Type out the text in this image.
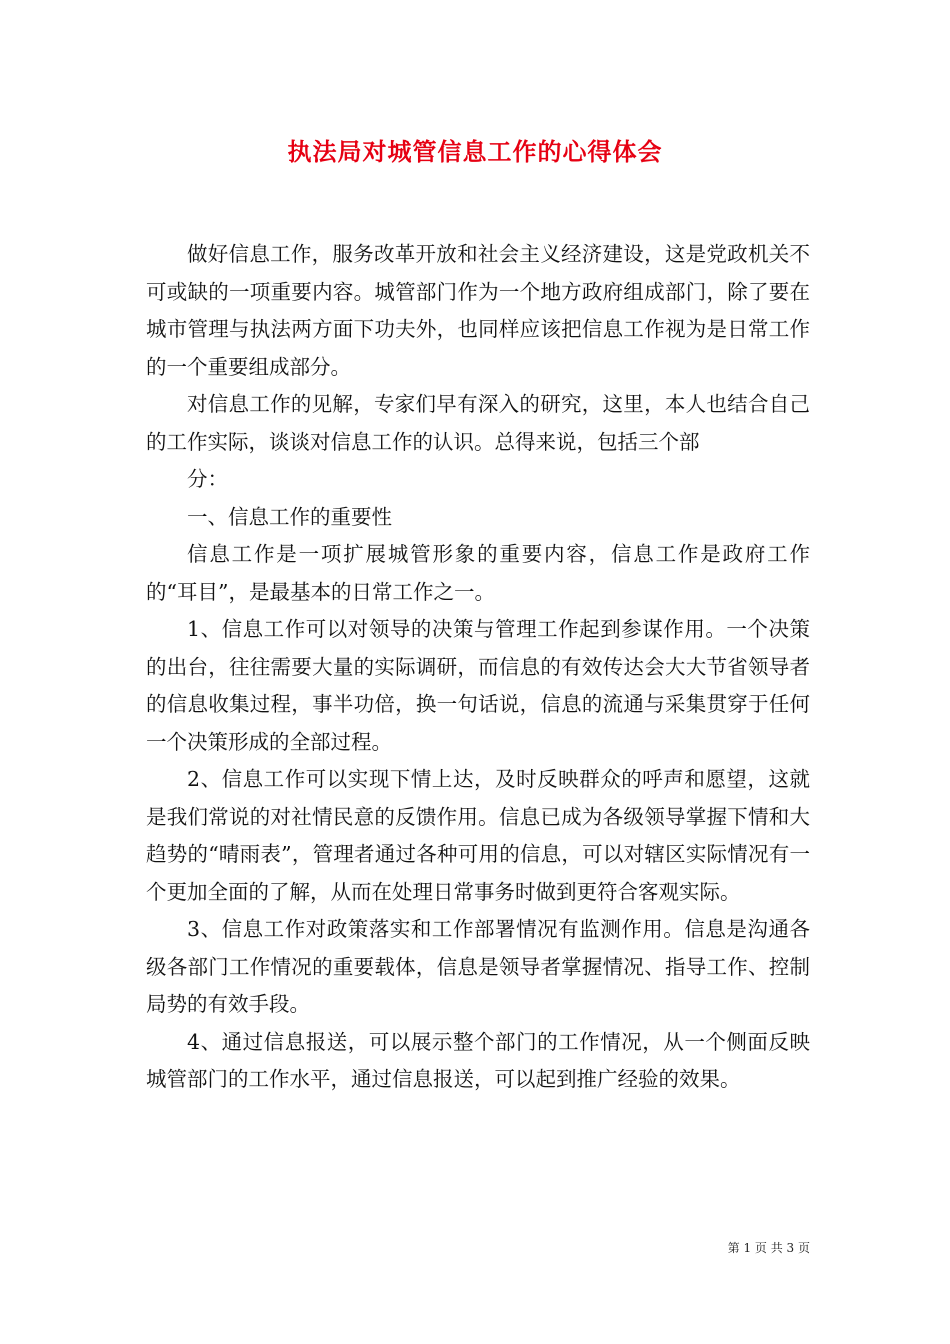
执法局对城管信息工作的心得体会

做好信息工作，服务改革开放和社会主义经济建设，这是党政机关不可或缺的一项重要内容。城管部门作为一个地方政府组成部门，除了要在城市管理与执法两方面下功夫外，也同样应该把信息工作视为是日常工作的一个重要组成部分。

对信息工作的见解，专家们早有深入的研究，这里，本人也结合自己的工作实际，谈谈对信息工作的认识。总得来说，包括三个部

分：

一、信息工作的重要性

信息工作是一项扩展城管形象的重要内容，信息工作是政府工作的“耳目”，是最基本的日常工作之一。

1、信息工作可以对领导的决策与管理工作起到参谋作用。一个决策的出台，往往需要大量的实际调研，而信息的有效传达会大大节省领导者的信息收集过程，事半功倍，换一句话说，信息的流通与采集贯穿于任何一个决策形成的全部过程。

2、信息工作可以实现下情上达，及时反映群众的呼声和愿望，这就是我们常说的对社情民意的反馈作用。信息已成为各级领导掌握下情和大趋势的“晴雨表”，管理者通过各种可用的信息，可以对辖区实际情况有一个更加全面的了解，从而在处理日常事务时做到更符合客观实际。

3、信息工作对政策落实和工作部署情况有监测作用。信息是沟通各级各部门工作情况的重要载体，信息是领导者掌握情况、指导工作、控制局势的有效手段。

4、通过信息报送，可以展示整个部门的工作情况，从一个侧面反映城管部门的工作水平，通过信息报送，可以起到推广经验的效果。

第 1 页 共 3 页
